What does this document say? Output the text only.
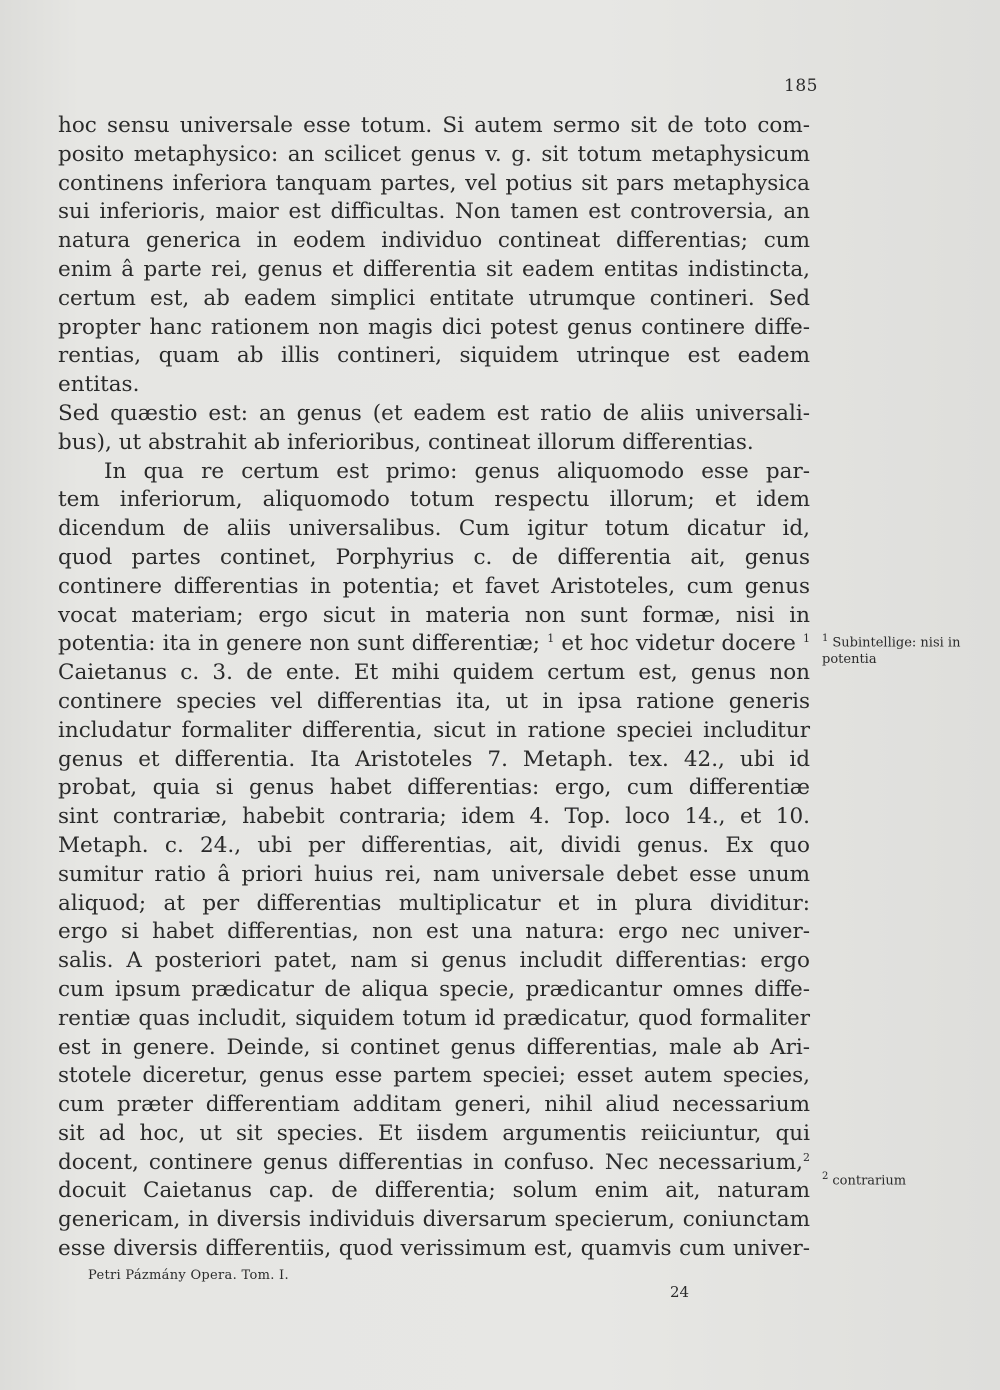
185

hoc sensu universale esse totum. Si autem sermo sit de toto com-

posito metaphysico: an scilicet genus v. g. sit totum metaphysicum

continens inferiora tanquam partes, vel potius sit pars metaphysica

sui inferioris, maior est difficultas. Non tamen est controversia, an

natura generica in eodem individuo contineat differentias; cum

enim â parte rei, genus et differentia sit eadem entitas indistincta,

certum est, ab eadem simplici entitate utrumque contineri. Sed

propter hanc rationem non magis dici potest genus continere diffe-

rentias, quam ab illis contineri, siquidem utrinque est eadem entitas.

Sed quæstio est: an genus (et eadem est ratio de aliis universali-

bus), ut abstrahit ab inferioribus, contineat illorum differentias.

In qua re certum est primo: genus aliquomodo esse par-

tem inferiorum, aliquomodo totum respectu illorum; et idem

dicendum de aliis universalibus. Cum igitur totum dicatur id,

quod partes continet, Porphyrius c. de differentia ait, genus

continere differentias in potentia; et favet Aristoteles, cum genus

vocat materiam; ergo sicut in materia non sunt formæ, nisi in

potentia: ita in genere non sunt differentiæ; $^1$ et hoc videtur docere $^1$

Caietanus c. 3. de ente. Et mihi quidem certum est, genus non

continere species vel differentias ita, ut in ipsa ratione generis

includatur formaliter differentia, sicut in ratione speciei includitur

genus et differentia. Ita Aristoteles 7. Metaph. tex. 42., ubi id

probat, quia si genus habet differentias: ergo, cum differentiæ

sint contrariæ, habebit contraria; idem 4. Top. loco 14., et 10.

Metaph. c. 24., ubi per differentias, ait, dividi genus. Ex quo

sumitur ratio â priori huius rei, nam universale debet esse unum

aliquod; at per differentias multiplicatur et in plura dividitur:

ergo si habet differentias, non est una natura: ergo nec univer-

salis. A posteriori patet, nam si genus includit differentias: ergo

cum ipsum prædicatur de aliqua specie, prædicantur omnes diffe-

rentiæ quas includit, siquidem totum id prædicatur, quod formaliter

est in genere. Deinde, si continet genus differentias, male ab Ari-

stotele diceretur, genus esse partem speciei; esset autem species,

cum præter differentiam additam generi, nihil aliud necessarium

sit ad hoc, ut sit species. Et iisdem argumentis reiiciuntur, qui

docent, continere genus differentias in confuso. Nec necessarium,$^2$

docuit Caietanus cap. de differentia; solum enim ait, naturam

genericam, in diversis individuis diversarum specierum, coniunctam

esse diversis differentiis, quod verissimum est, quamvis cum univer-

$^1$ Subintellige: nisi in potentia
$^2$ contrarium
Petri Pázmány Opera. Tom. I.
24
